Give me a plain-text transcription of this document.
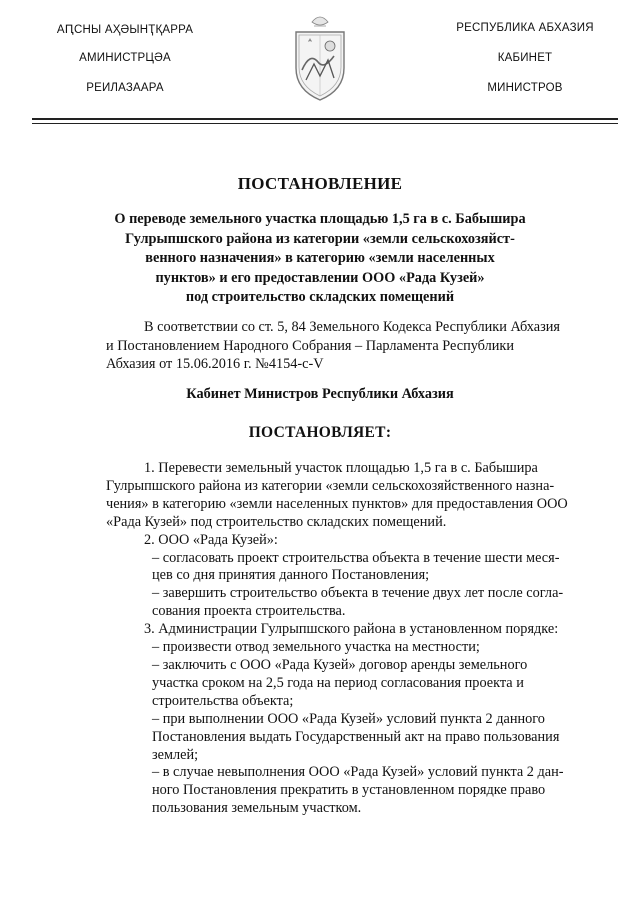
АԤСНЫ АҲӘЫНҬҚАРРА
АМИНИСТРЦӘА
РЕИЛАЗААРА
РЕСПУБЛИКА АБХАЗИЯ
КАБИНЕТ
МИНИСТРОВ
ПОСТАНОВЛЕНИЕ
О переводе земельного участка площадью 1,5 га в с. Бабышира
Гулрыпшского района из категории «земли сельскохозяйст-
венного назначения» в категорию «земли населенных
пунктов» и его предоставлении ООО «Рада Кузей»
под строительство складских помещений
В соответствии со ст. 5, 84 Земельного Кодекса Республики Абхазия
и Постановлением Народного Собрания – Парламента Республики
Абхазия от 15.06.2016 г. №4154-с-V
Кабинет Министров Республики Абхазия
ПОСТАНОВЛЯЕТ:
1. Перевести земельный участок площадью 1,5 га в с. Бабышира
Гулрыпшского района из категории «земли сельскохозяйственного назна-
чения» в категорию «земли населенных пунктов» для предоставления ООО
«Рада Кузей» под строительство складских помещений.
2. ООО «Рада Кузей»:
– согласовать проект строительства объекта в течение шести меся-
цев со дня принятия данного Постановления;
– завершить строительство объекта в течение двух лет после согла-
сования проекта строительства.
3. Администрации Гулрыпшского района в установленном порядке:
– произвести отвод земельного участка на местности;
– заключить с ООО «Рада Кузей» договор аренды земельного
участка сроком на 2,5 года на период согласования проекта и
строительства объекта;
– при выполнении ООО «Рада Кузей» условий пункта 2 данного
Постановления выдать Государственный акт на право пользования
землей;
– в случае невыполнения ООО «Рада Кузей» условий пункта 2 дан-
ного Постановления прекратить в установленном порядке право
пользования земельным участком.
